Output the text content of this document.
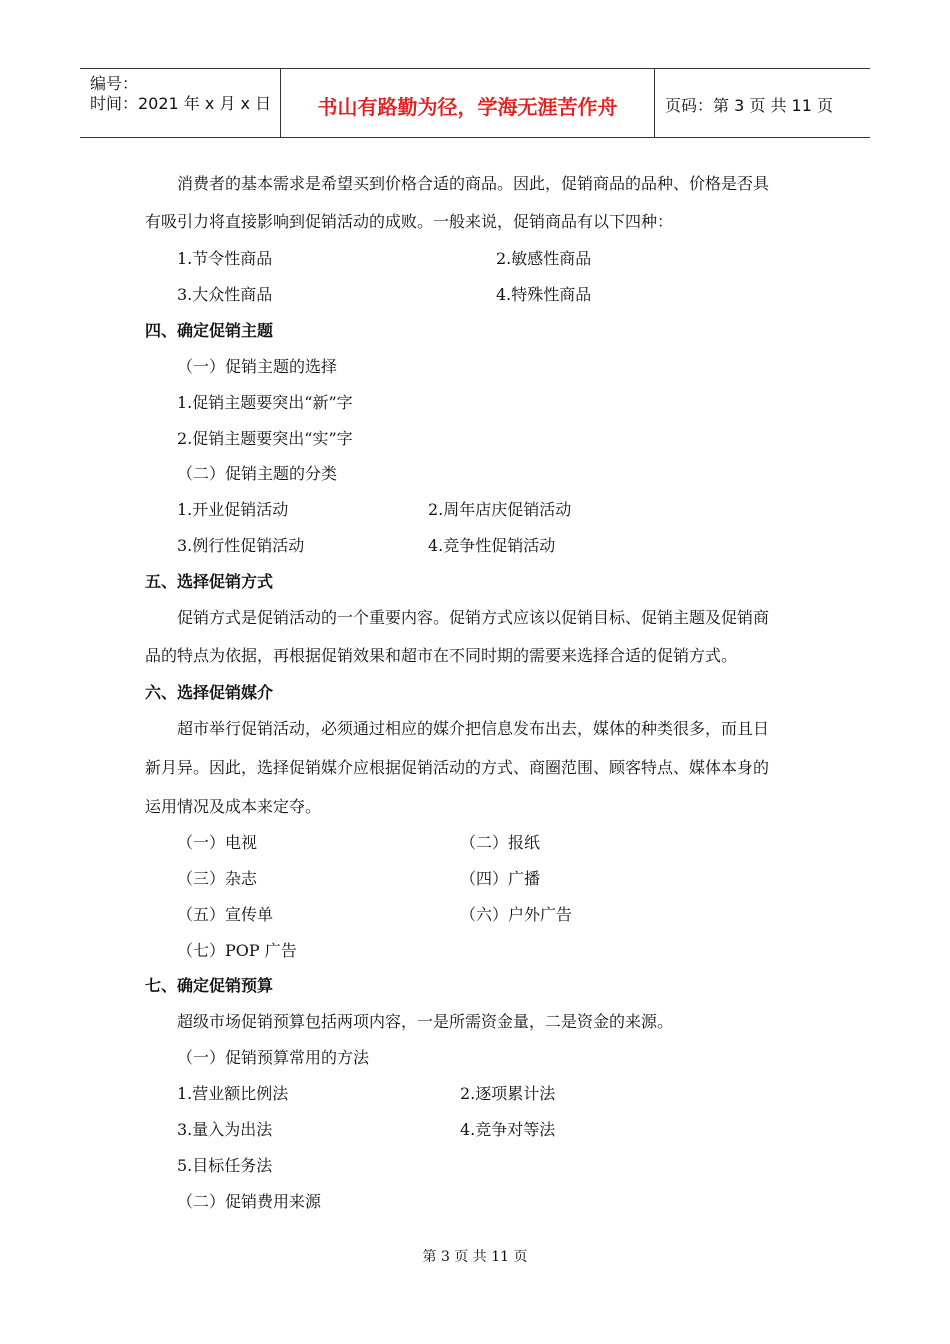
编号：
时间：2021 年 x 月 x 日	书山有路勤为径，学海无涯苦作舟	页码：第 3 页 共 11 页
消费者的基本需求是希望买到价格合适的商品。因此，促销商品的品种、价格是否具
有吸引力将直接影响到促销活动的成败。一般来说，促销商品有以下四种：
1.节令性商品	2.敏感性商品
3.大众性商品	4.特殊性商品
四、确定促销主题
（一）促销主题的选择
1.促销主题要突出“新”字
2.促销主题要突出“实”字
（二）促销主题的分类
1.开业促销活动	2.周年店庆促销活动
3.例行性促销活动	4.竞争性促销活动
五、选择促销方式
促销方式是促销活动的一个重要内容。促销方式应该以促销目标、促销主题及促销商
品的特点为依据，再根据促销效果和超市在不同时期的需要来选择合适的促销方式。
六、选择促销媒介
超市举行促销活动，必须通过相应的媒介把信息发布出去，媒体的种类很多，而且日
新月异。因此，选择促销媒介应根据促销活动的方式、商圈范围、顾客特点、媒体本身的
运用情况及成本来定夺。
（一）电视	（二）报纸
（三）杂志	（四）广播
（五）宣传单	（六）户外广告
（七）POP 广告
七、确定促销预算
超级市场促销预算包括两项内容，一是所需资金量，二是资金的来源。
（一）促销预算常用的方法
1.营业额比例法	2.逐项累计法
3.量入为出法	4.竞争对等法
5.目标任务法
（二）促销费用来源
第 3 页 共 11 页
